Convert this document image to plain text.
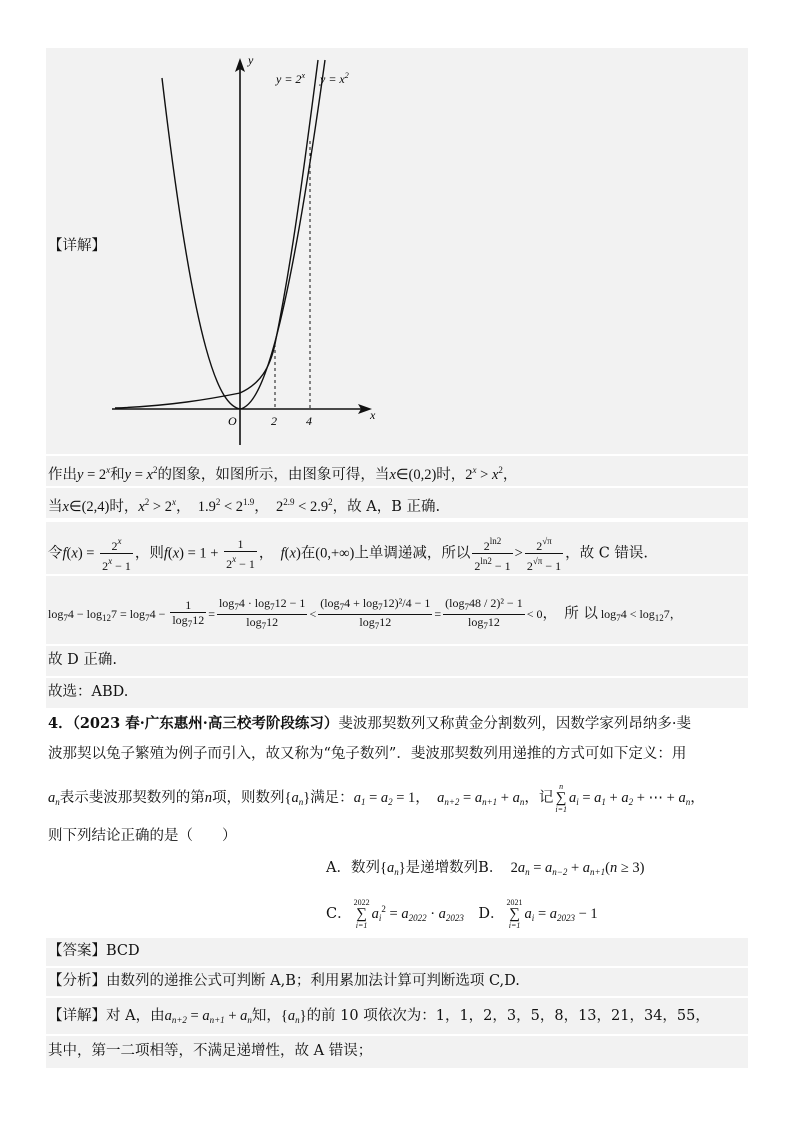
【详解】
$y = 2^x$ $y = x^2$
y
x
O	2 4
作出$y = 2^x$和$y = x^2$的图象，如图所示，由图象可得，当x∈(0,2)时，$2^x > x^2$，
当x∈(2,4)时，$x^2 > 2^x$，　$1.9^2 < 2^{1.9}$，　$2^{2.9} < 2.9^2$，故 A，B 正确.
令$f(x) = \frac{2^x}{2^x - 1}$ ，则$f(x) = 1 + \frac{1}{2^x - 1}$ ，　f(x)在(0,+∞)上单调递减，所以 $\frac{2^{ln2}}{2^{ln2} - 1} > \frac{2^{√\pi}}{2^{√\pi} - 1}$ ，故 C 错误.
$\log_74 - \log_{12}7 = \log_74 - \frac{1}{\log_712} = \frac{\log_74 \cdot \log_712 - 1}{\log_712} < \frac{(\log_74 + \log_712)^2/4 - 1}{\log_712} = \frac{(\log_748 / 2)^2 - 1}{\log_712} < 0$，　所 以 $\log_74 < \log_{12}7$，
故 D 正确.
故选：ABD.
4．（2023 春·广东惠州·高三校考阶段练习）斐波那契数列又称黄金分割数列，因数学家列昂纳多·斐
波那契以兔子繁殖为例子而引入，故又称为“兔子数列”．斐波那契数列用递推的方式可如下定义：用
$a_n$表示斐波那契数列的第n项，则数列$\{a_n\}$满足：$a_1 = a_2 = 1$，　$a_{n+2} = a_{n+1} + a_n$，记
n
∑
i=1
$a_i = a_1 + a_2$ + ⋯ + $a_n$，
则下列结论正确的是（　　）
A．数列$\{a_n\}$是递增数列B．　$2a_n = a_{n-2} + a_{n+1}(n \ge 3)$
C．
2022
∑
i=1
$a_i^2 = a_{2022} \cdot a_{2023}$　 D．
2021
∑
i=1
$a_i = a_{2023} - 1$
【答案】BCD
【分析】由数列的递推公式可判断 A,B；利用累加法计算可判断选项 C,D.
【详解】对 A，由$a_{n+2} = a_{n+1} + a_n$知，$\{a_n\}$的前 10 项依次为：1，1，2，3，5，8，13，21，34，55，
其中，第一二项相等，不满足递增性，故 A 错误；
